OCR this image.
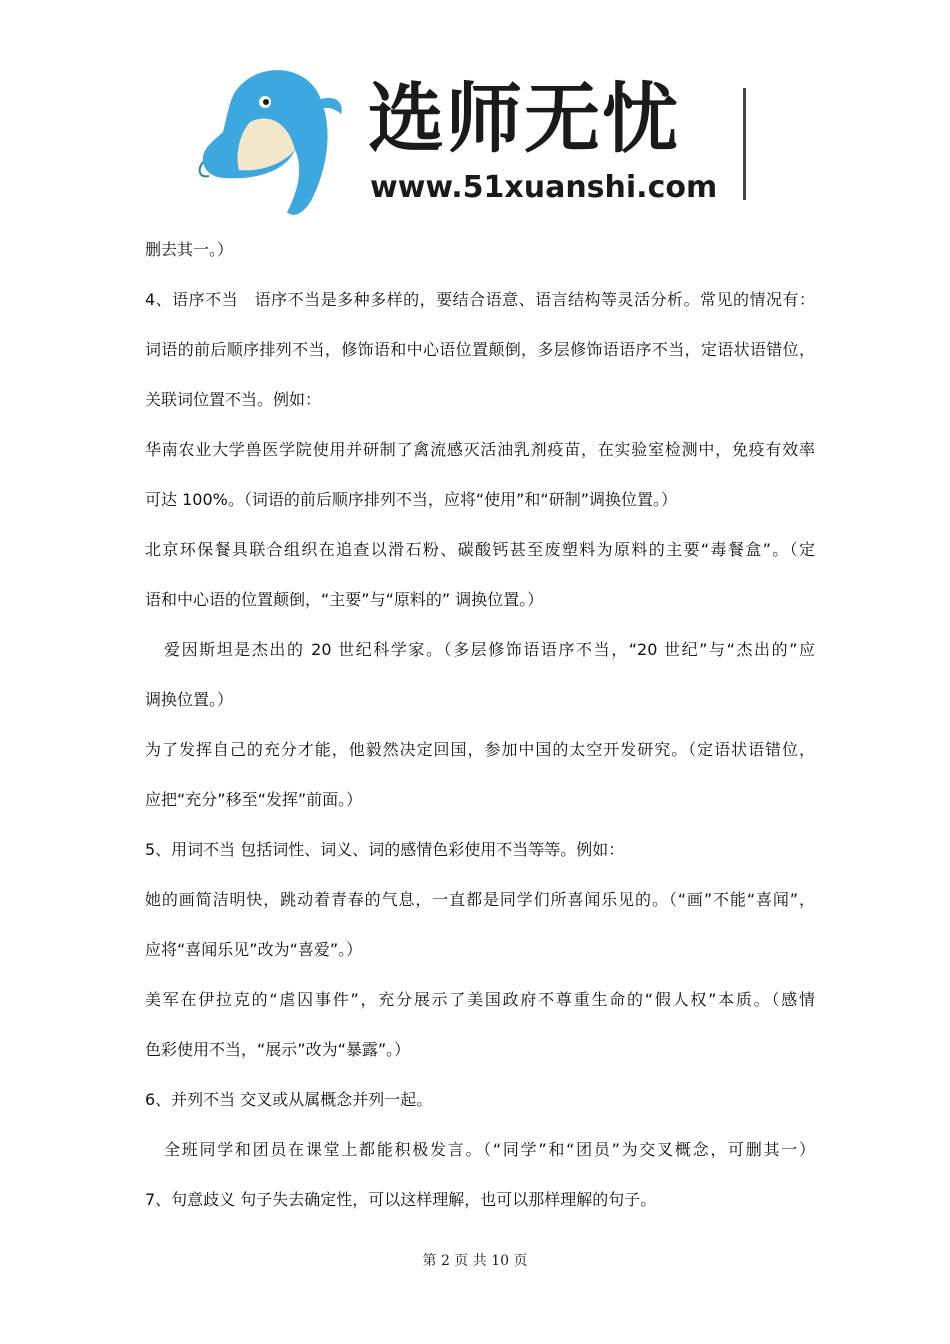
选师无忧
www.51xuanshi.com
删去其一。）
4、语序不当　语序不当是多种多样的，要结合语意、语言结构等灵活分析。常见的情况有：
词语的前后顺序排列不当，修饰语和中心语位置颠倒，多层修饰语语序不当，定语状语错位，
关联词位置不当。例如：
华南农业大学兽医学院使用并研制了禽流感灭活油乳剂疫苗，在实验室检测中，免疫有效率
可达 100%。（词语的前后顺序排列不当，应将“使用”和“研制”调换位置。）
北京环保餐具联合组织在追查以滑石粉、碳酸钙甚至废塑料为原料的主要“毒餐盒”。（定
语和中心语的位置颠倒，“主要”与“原料的” 调换位置。）
爱因斯坦是杰出的 20 世纪科学家。（多层修饰语语序不当，“20 世纪”与“杰出的”应
调换位置。）
为了发挥自己的充分才能，他毅然决定回国，参加中国的太空开发研究。（定语状语错位，
应把“充分”移至“发挥”前面。）
5、用词不当 包括词性、词义、词的感情色彩使用不当等等。例如：
她的画简洁明快，跳动着青春的气息，一直都是同学们所喜闻乐见的。（“画”不能“喜闻”，
应将“喜闻乐见”改为“喜爱”。）
美军在伊拉克的“虐囚事件”，充分展示了美国政府不尊重生命的“假人权”本质。（感情
色彩使用不当，“展示”改为“暴露”。）
6、并列不当 交叉或从属概念并列一起。
全班同学和团员在课堂上都能积极发言。（“同学”和“团员”为交叉概念，可删其一）
7、句意歧义 句子失去确定性，可以这样理解，也可以那样理解的句子。
第 2 页 共 10 页
